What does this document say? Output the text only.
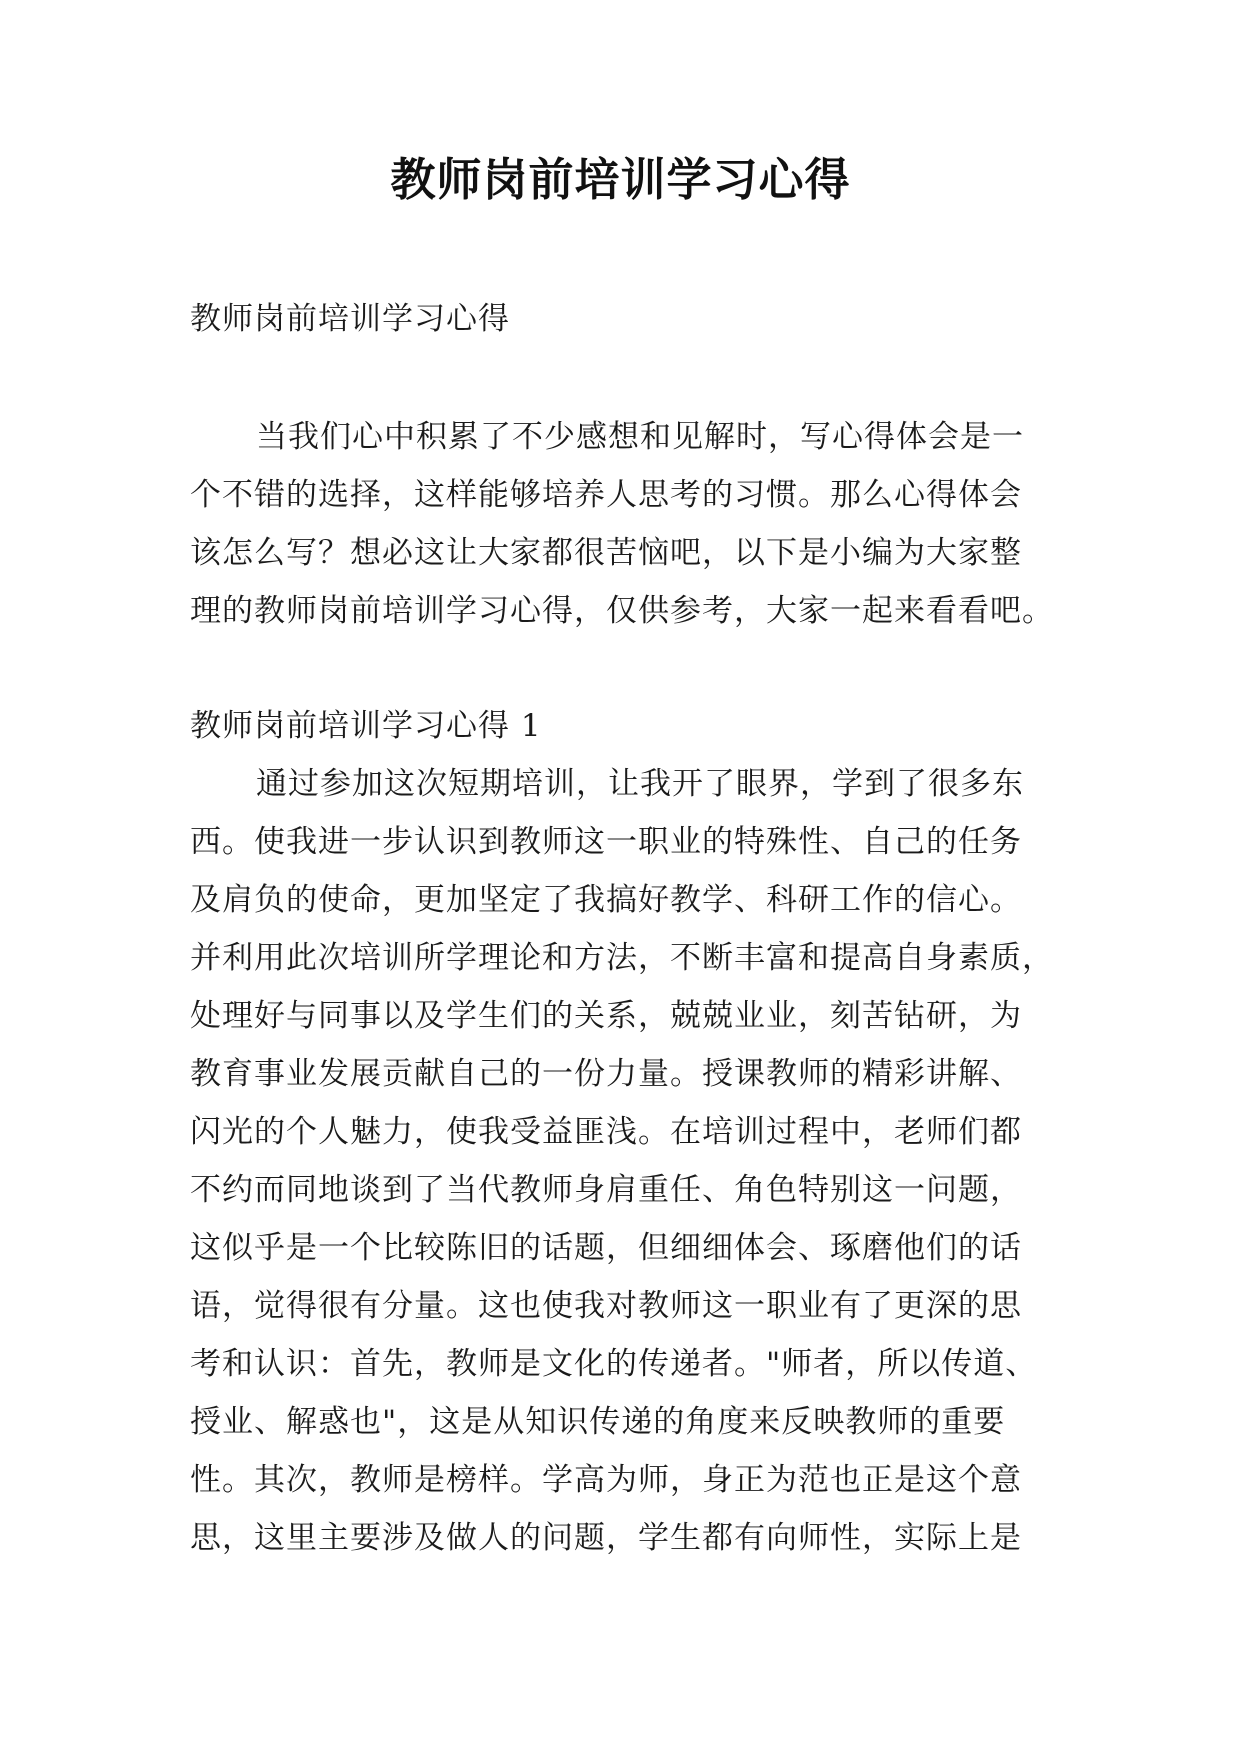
教师岗前培训学习心得
教师岗前培训学习心得
当我们心中积累了不少感想和见解时，写心得体会是一
个不错的选择，这样能够培养人思考的习惯。那么心得体会
该怎么写？想必这让大家都很苦恼吧，以下是小编为大家整
理的教师岗前培训学习心得，仅供参考，大家一起来看看吧。
教师岗前培训学习心得 1
通过参加这次短期培训，让我开了眼界，学到了很多东
西。使我进一步认识到教师这一职业的特殊性、自己的任务
及肩负的使命，更加坚定了我搞好教学、科研工作的信心。
并利用此次培训所学理论和方法，不断丰富和提高自身素质，
处理好与同事以及学生们的关系，兢兢业业，刻苦钻研，为
教育事业发展贡献自己的一份力量。授课教师的精彩讲解、
闪光的个人魅力，使我受益匪浅。在培训过程中，老师们都
不约而同地谈到了当代教师身肩重任、角色特别这一问题，
这似乎是一个比较陈旧的话题，但细细体会、琢磨他们的话
语，觉得很有分量。这也使我对教师这一职业有了更深的思
考和认识：首先，教师是文化的传递者。"师者，所以传道、
授业、解惑也"，这是从知识传递的角度来反映教师的重要
性。其次，教师是榜样。学高为师，身正为范也正是这个意
思，这里主要涉及做人的问题，学生都有向师性，实际上是
